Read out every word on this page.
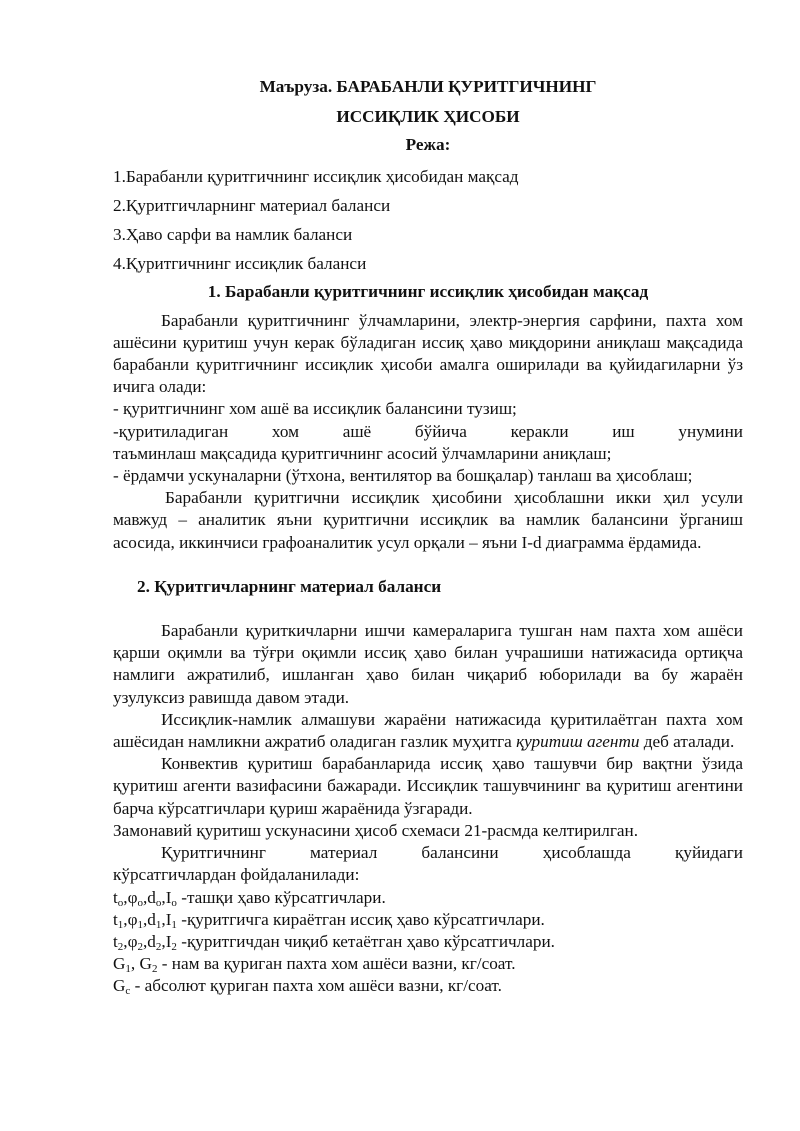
Маъруза. БАРАБАНЛИ ҚУРИТГИЧНИНГ
ИССИҚЛИК ҲИСОБИ
Режа:
1.Барабанли қуритгичнинг иссиқлик ҳисобидан мақсад
2.Қуритгичларнинг материал баланси
3.Ҳаво сарфи ва намлик баланси
4.Қуритгичнинг иссиқлик баланси
1. Барабанли қуритгичнинг иссиқлик ҳисобидан мақсад
Барабанли қуритгичнинг ўлчамларини, электр-энергия сарфини, пахта хом ашёсини қуритиш учун керак бўладиган иссиқ ҳаво миқдорини аниқлаш мақсадида барабанли қуритгичнинг иссиқлик ҳисоби амалга оширилади ва қуйидагиларни ўз ичига олади:
- қуритгичнинг хом ашё ва иссиқлик балансини тузиш;
-қуритиладиган хом ашё бўйича керакли иш унумини
таъминлаш мақсадида қуритгичнинг асосий ўлчамларини аниқлаш;
- ёрдамчи ускуналарни (ўтхона, вентилятор ва бошқалар) танлаш ва ҳисоблаш;
Барабанли қуритгични иссиқлик ҳисобини ҳисоблашни икки ҳил усули мавжуд – аналитик яъни қуритгични иссиқлик ва намлик балансини ўрганиш асосида, иккинчиси графоаналитик усул орқали – яъни I-d диаграмма ёрдамида.
2. Қуритгичларнинг материал баланси
Барабанли қуриткичларни ишчи камераларига тушган нам пахта хом ашёси қарши оқимли ва тўғри оқимли иссиқ ҳаво билан учрашиши натижасида ортиқча намлиги ажратилиб, ишланган ҳаво билан чиқариб юборилади ва бу жараён узулуксиз равишда давом этади.
Иссиқлик-намлик алмашуви жараёни натижасида қуритилаётган пахта хом ашёсидан намликни ажратиб оладиган газлик муҳитга қуритиш агенти деб аталади.
Конвектив қуритиш барабанларида иссиқ ҳаво ташувчи бир вақтни ўзида қуритиш агенти вазифасини бажаради. Иссиқлик ташувчининг ва қуритиш агентини барча кўрсатгичлари қуриш жараёнида ўзгаради.
Замонавий қуритиш ускунасини ҳисоб схемаси 21-расмда келтирилган.
Қуритгичнинг материал балансини ҳисоблашда қуйидаги
кўрсатгичлардан фойдаланилади:
$t_o,\varphi_o,d_o,I_o$ -ташқи ҳаво кўрсатгичлари.
$t_1,\varphi_1,d_1,I_1$ -қуритгичга кираётган иссиқ ҳаво кўрсатгичлари.
$t_2,\varphi_2,d_2,I_2$ -қуритгичдан чиқиб кетаётган ҳаво кўрсатгичлари.
$G_1$, $G_2$ - нам ва қуриган пахта хом ашёси вазни, кг/соат.
$G_c$ - абсолют қуриган пахта хом ашёси вазни, кг/соат.
